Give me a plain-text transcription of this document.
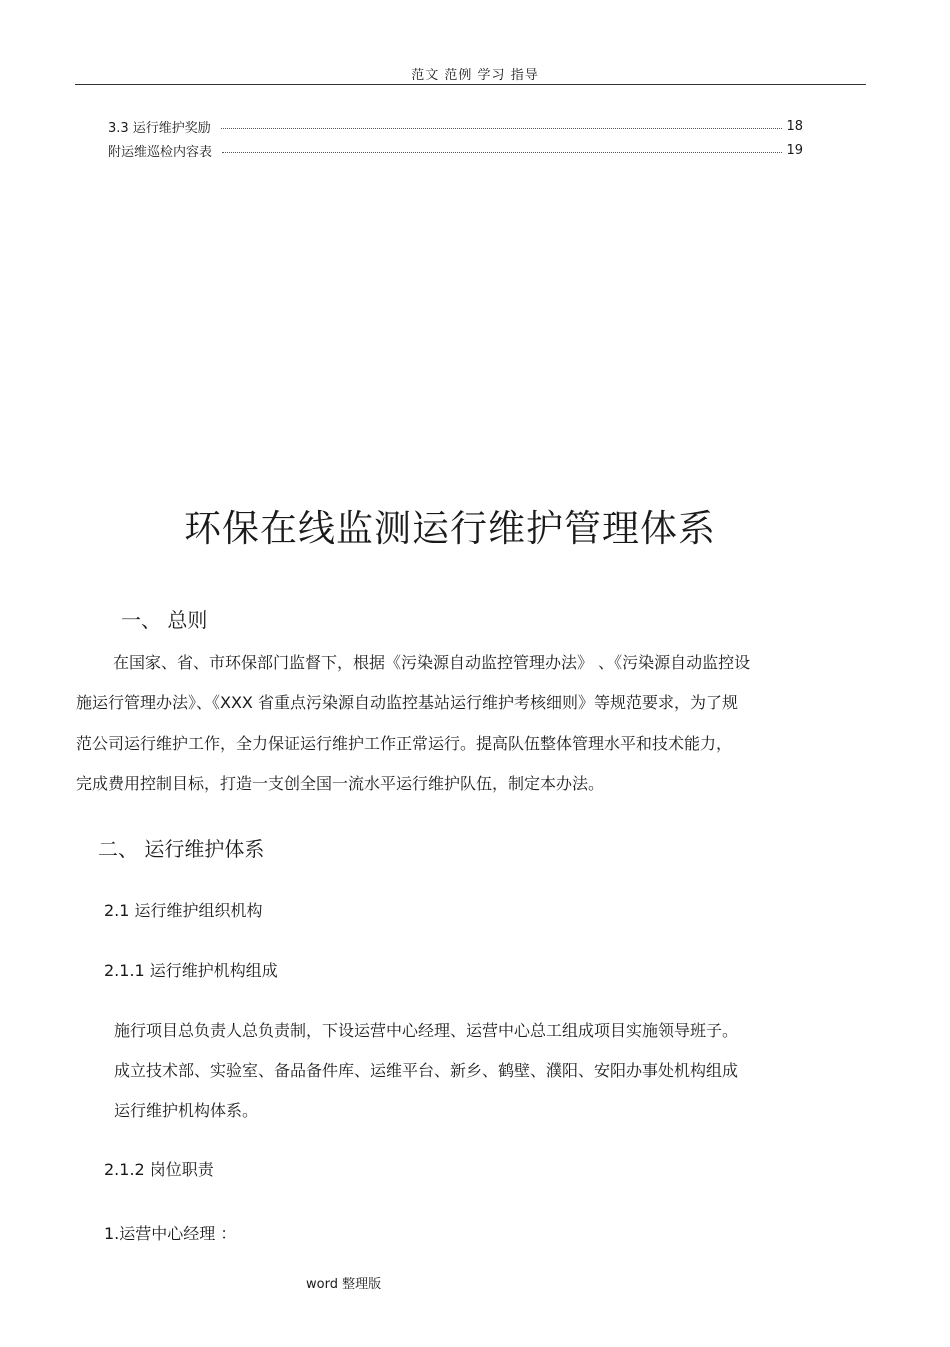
范文 范例 学习 指导
3.3 运行维护奖励	18
附运维巡检内容表	19
环保在线监测运行维护管理体系
一、 总则
在国家、省、市环保部门监督下，根据《污染源自动监控管理办法》 、《污染源自动监控设
施运行管理办法》、《XXX 省重点污染源自动监控基站运行维护考核细则》等规范要求，为了规
范公司运行维护工作，全力保证运行维护工作正常运行。提高队伍整体管理水平和技术能力，
完成费用控制目标，打造一支创全国一流水平运行维护队伍，制定本办法。
二、 运行维护体系
2.1 运行维护组织机构
2.1.1 运行维护机构组成
施行项目总负责人总负责制，下设运营中心经理、运营中心总工组成项目实施领导班子。
成立技术部、实验室、备品备件库、运维平台、新乡、鹤壁、濮阳、安阳办事处机构组成
运行维护机构体系。
2.1.2 岗位职责
1.运营中心经理 ：
word 整理版
